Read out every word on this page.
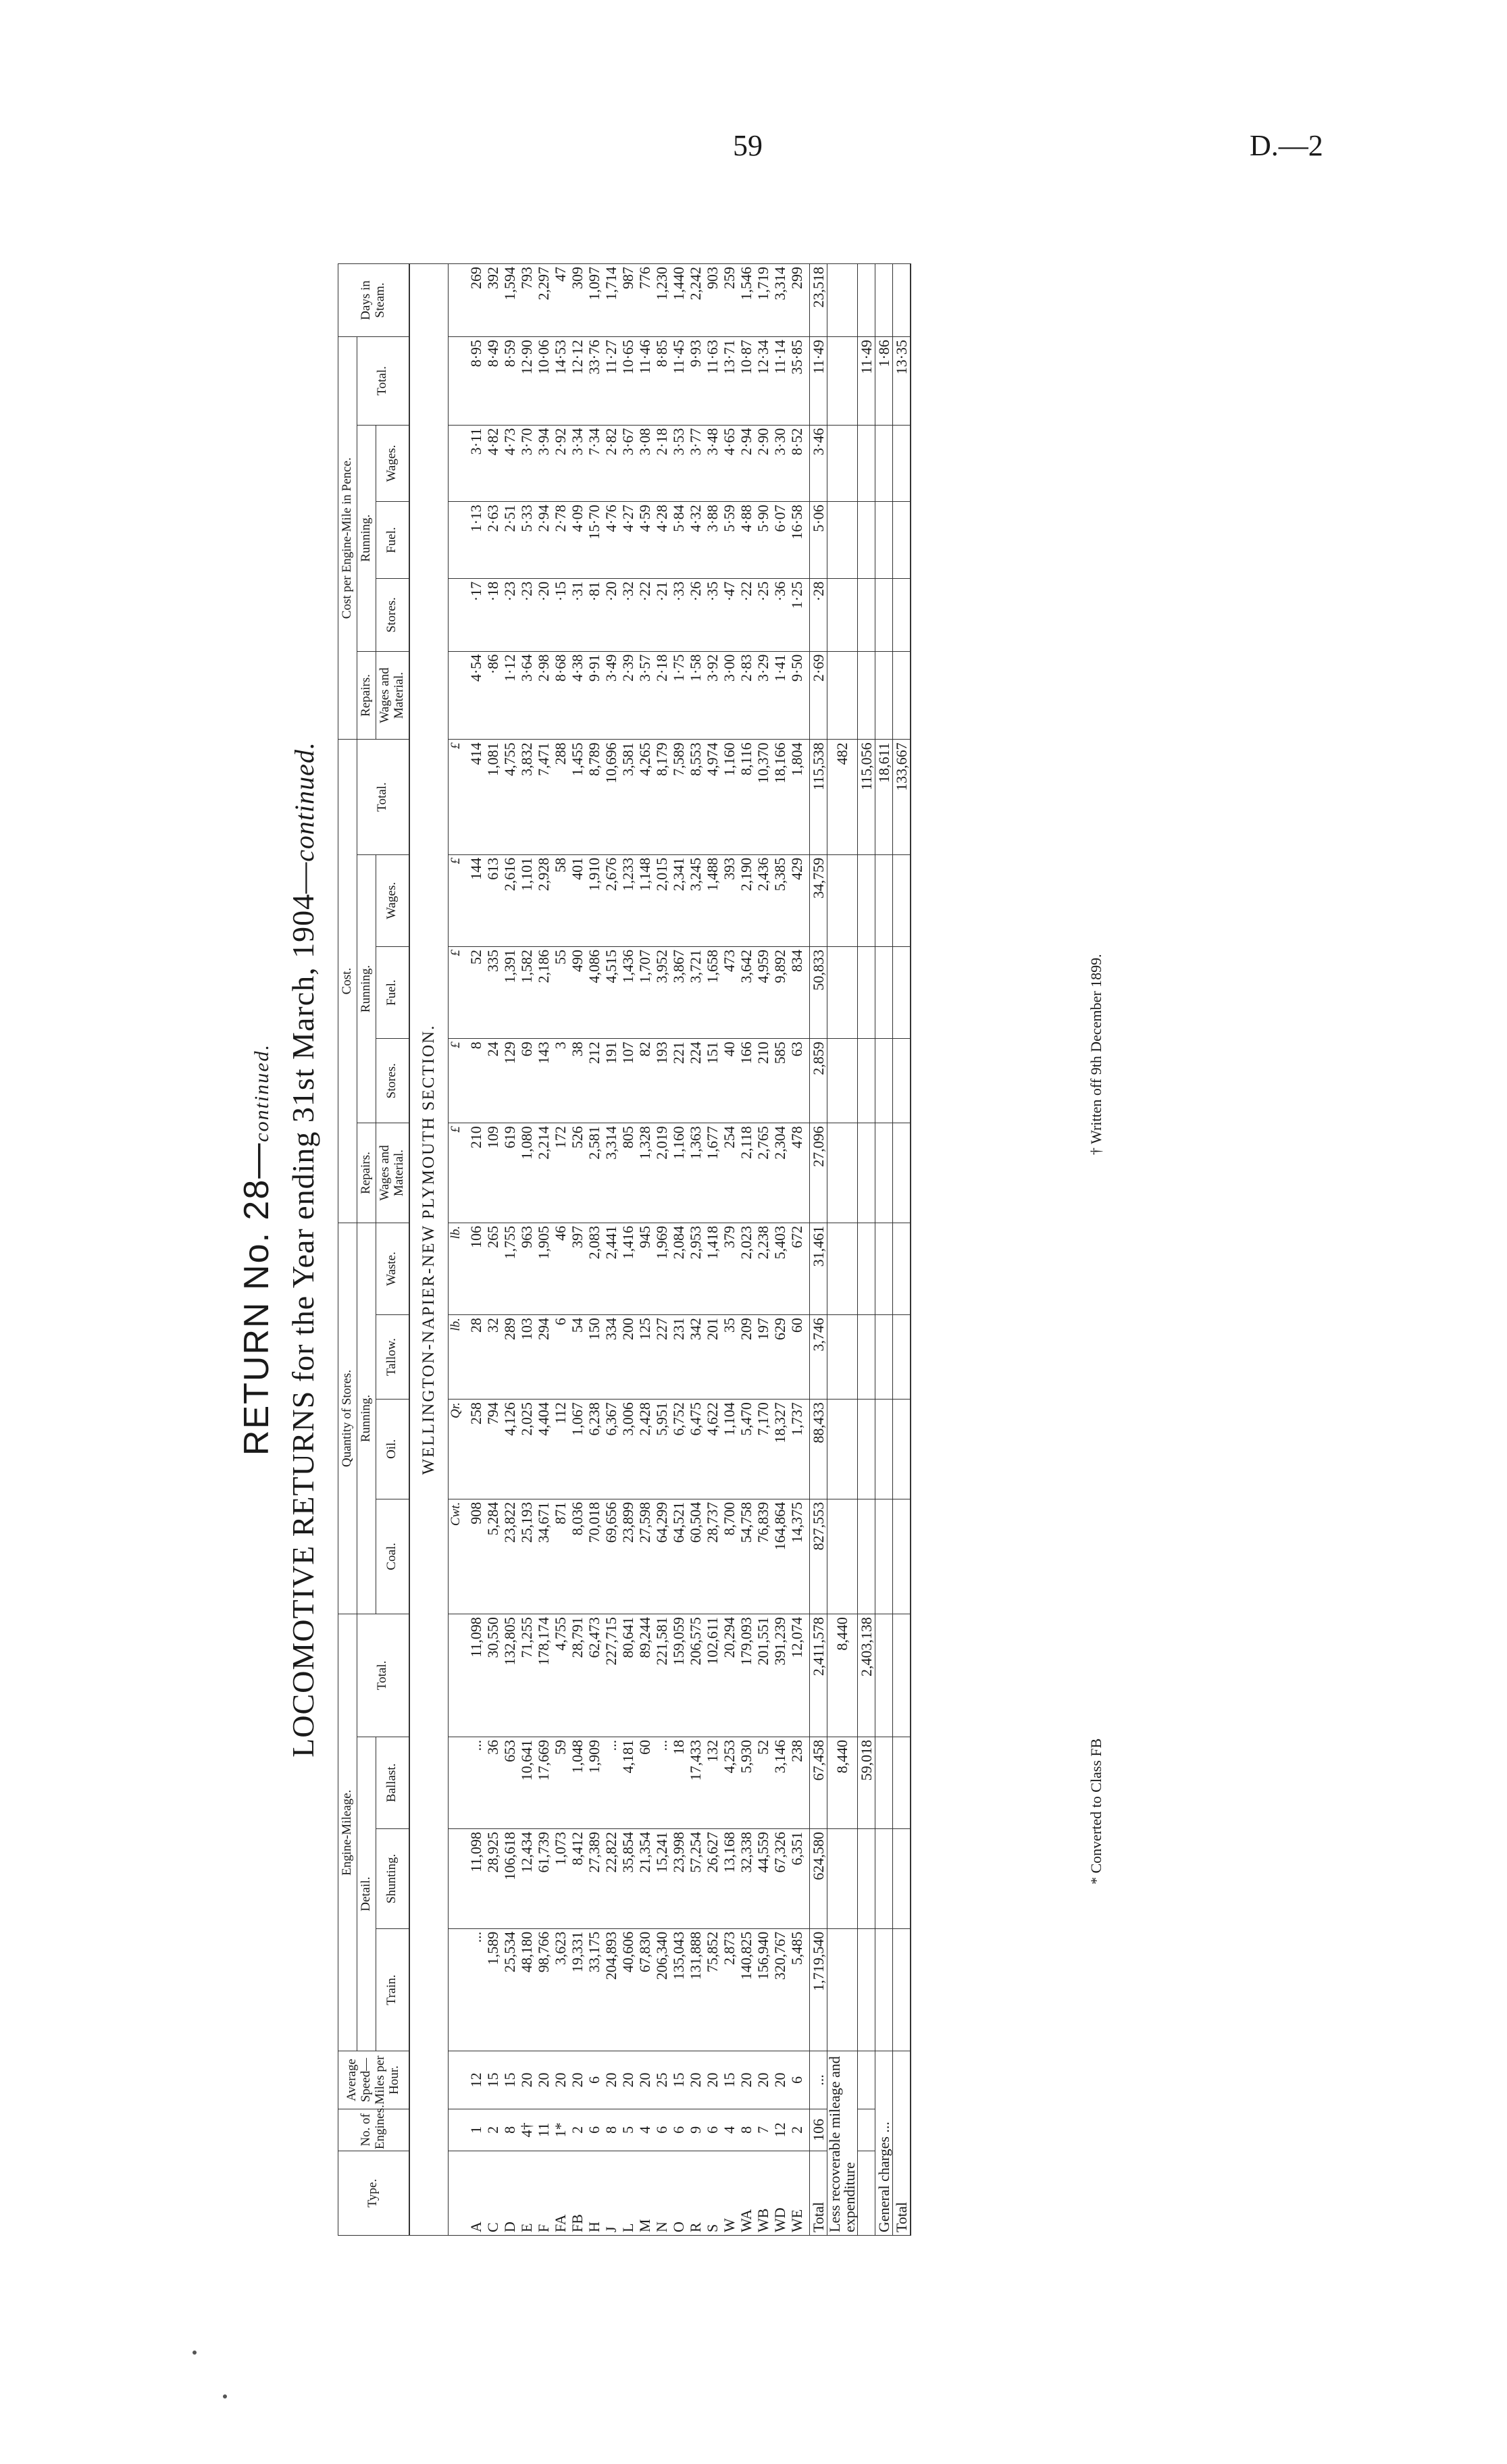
59	D.—2
RETURN No. 28—continued. LOCOMOTIVE RETURNS for the Year ending 31st March, 1904—continued.
Type.	No. of Engines.	Average Speed—Miles per Hour.	Engine-Mileage.				Quantity of Stores.				Cost.					Cost per Engine-Mile in Pence.					Days in Steam.
			Detail.			Total.	Running.				Repairs.	Running.			Total.	Repairs.	Running.			Total.	
			Train.	Shunting.	Ballast.		Coal.	Oil.	Tallow.	Waste.	Wages and Material.	Stores.	Fuel.	Wages.		Wages and Material.	Stores.	Fuel.	Wages.		
WELLINGTON-NAPIER-NEW PLYMOUTH SECTION.																					
							Cwt.	Qr.	lb.	lb.	£	£	£	£	£						
A	1	12	...	11,098	...	11,098	908	258	28	106	210	8	52	144	414	4·54	·17	1·13	3·11	8·95	269
C	2	15	1,589	28,925	36	30,550	5,284	794	32	265	109	24	335	613	1,081	·86	·18	2·63	4·82	8·49	392
D	8	15	25,534	106,618	653	132,805	23,822	4,126	289	1,755	619	129	1,391	2,616	4,755	1·12	·23	2·51	4·73	8·59	1,594
E	4†	20	48,180	12,434	10,641	71,255	25,193	2,025	103	963	1,080	69	1,582	1,101	3,832	3·64	·23	5·33	3·70	12·90	793
F	11	20	98,766	61,739	17,669	178,174	34,671	4,404	294	1,905	2,214	143	2,186	2,928	7,471	2·98	·20	2·94	3·94	10·06	2,297
FA	1*	20	3,623	1,073	59	4,755	871	112	6	46	172	3	55	58	288	8·68	·15	2·78	2·92	14·53	47
FB	2	20	19,331	8,412	1,048	28,791	8,036	1,067	54	397	526	38	490	401	1,455	4·38	·31	4·09	3·34	12·12	309
H	6	6	33,175	27,389	1,909	62,473	70,018	6,238	150	2,083	2,581	212	4,086	1,910	8,789	9·91	·81	15·70	7·34	33·76	1,097
J	8	20	204,893	22,822	...	227,715	69,656	6,367	334	2,441	3,314	191	4,515	2,676	10,696	3·49	·20	4·76	2·82	11·27	1,714
L	5	20	40,606	35,854	4,181	80,641	23,899	3,006	200	1,416	805	107	1,436	1,233	3,581	2·39	·32	4·27	3·67	10·65	987
M	4	20	67,830	21,354	60	89,244	27,598	2,428	125	945	1,328	82	1,707	1,148	4,265	3·57	·22	4·59	3·08	11·46	776
N	6	25	206,340	15,241	...	221,581	64,299	5,951	227	1,969	2,019	193	3,952	2,015	8,179	2·18	·21	4·28	2·18	8·85	1,230
O	6	15	135,043	23,998	18	159,059	64,521	6,752	231	2,084	1,160	221	3,867	2,341	7,589	1·75	·33	5·84	3·53	11·45	1,440
R	9	20	131,888	57,254	17,433	206,575	60,504	6,475	342	2,953	1,363	224	3,721	3,245	8,553	1·58	·26	4·32	3·77	9·93	2,242
S	6	20	75,852	26,627	132	102,611	28,737	4,622	201	1,418	1,677	151	1,658	1,488	4,974	3·92	·35	3·88	3·48	11·63	903
W	4	15	2,873	13,168	4,253	20,294	8,700	1,104	35	379	254	40	473	393	1,160	3·00	·47	5·59	4·65	13·71	259
WA	8	20	140,825	32,338	5,930	179,093	54,758	5,470	209	2,023	2,118	166	3,642	2,190	8,116	2·83	·22	4·88	2·94	10·87	1,546
WB	7	20	156,940	44,559	52	201,551	76,839	7,170	197	2,238	2,765	210	4,959	2,436	10,370	3·29	·25	5·90	2·90	12·34	1,719
WD	12	20	320,767	67,326	3,146	391,239	164,864	18,327	629	5,403	2,304	585	9,892	5,385	18,166	1·41	·36	6·07	3·30	11·14	3,314
WE	2	6	5,485	6,351	238	12,074	14,375	1,737	60	672	478	63	834	429	1,804	9·50	1·25	16·58	8·52	35·85	299
Total	106	...	1,719,540	624,580	67,458	2,411,578	827,553	88,433	3,746	31,461	27,096	2,859	50,833	34,759	115,538	2·69	·28	5·06	3·46	11·49	23,518
Less recoverable mileage and expenditure					8,440	8,440									482						
					59,018	2,403,138									115,056					11·49	
General charges ...															18,611					1·86	
Total															133,667					13·35	
* Converted to Class FB
† Written off 9th December 1899.
